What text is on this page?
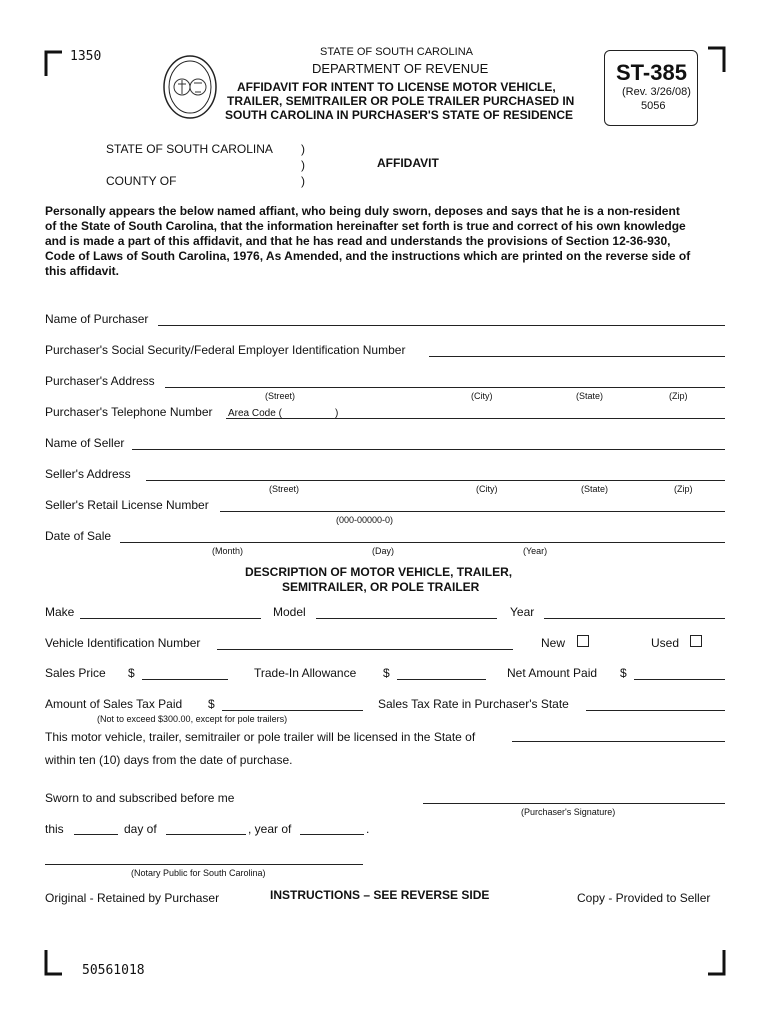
1350	STATE OF SOUTH CAROLINA
DEPARTMENT OF REVENUE
AFFIDAVIT FOR INTENT TO LICENSE MOTOR VEHICLE,
TRAILER, SEMITRAILER OR POLE TRAILER PURCHASED IN
SOUTH CAROLINA IN PURCHASER'S STATE OF RESIDENCE
ST-385
(Rev. 3/26/08)
5056
STATE OF SOUTH CAROLINA )
)
)
AFFIDAVIT
COUNTY OF
Personally appears the below named affiant, who being duly sworn, deposes and says that he is a non-resident
of the State of South Carolina, that the information hereinafter set forth is true and correct of his own knowledge
and is made a part of this affidavit, and that he has read and understands the provisions of Section 12-36-930,
Code of Laws of South Carolina, 1976, As Amended, and the instructions which are printed on the reverse side of
this affidavit.
Name of Purchaser
Purchaser's Social Security/Federal Employer Identification Number
Purchaser's Address
(Street)	(City)	(State)	(Zip)
Purchaser's Telephone Number Area Code (	)
Name of Seller
Seller's Address
(Street)	(City)	(State)	(Zip)
Seller's Retail License Number
(000-00000-0)
Date of Sale
(Month)	(Day)	(Year)
DESCRIPTION OF MOTOR VEHICLE, TRAILER,
SEMITRAILER, OR POLE TRAILER
Make	Model	Year
Vehicle Identification Number	New	Used
Sales Price $	Trade-In Allowance $	Net Amount Paid $
Amount of Sales Tax Paid $
(Not to exceed $300.00, except for pole trailers)
Sales Tax Rate in Purchaser's State
This motor vehicle, trailer, semitrailer or pole trailer will be licensed in the State of
within ten (10) days from the date of purchase.
Sworn to and subscribed before me
(Purchaser's Signature)
this	day of	, year of	.
(Notary Public for South Carolina)
Original - Retained by Purchaser	INSTRUCTIONS – SEE REVERSE SIDE	Copy - Provided to Seller
50561018
